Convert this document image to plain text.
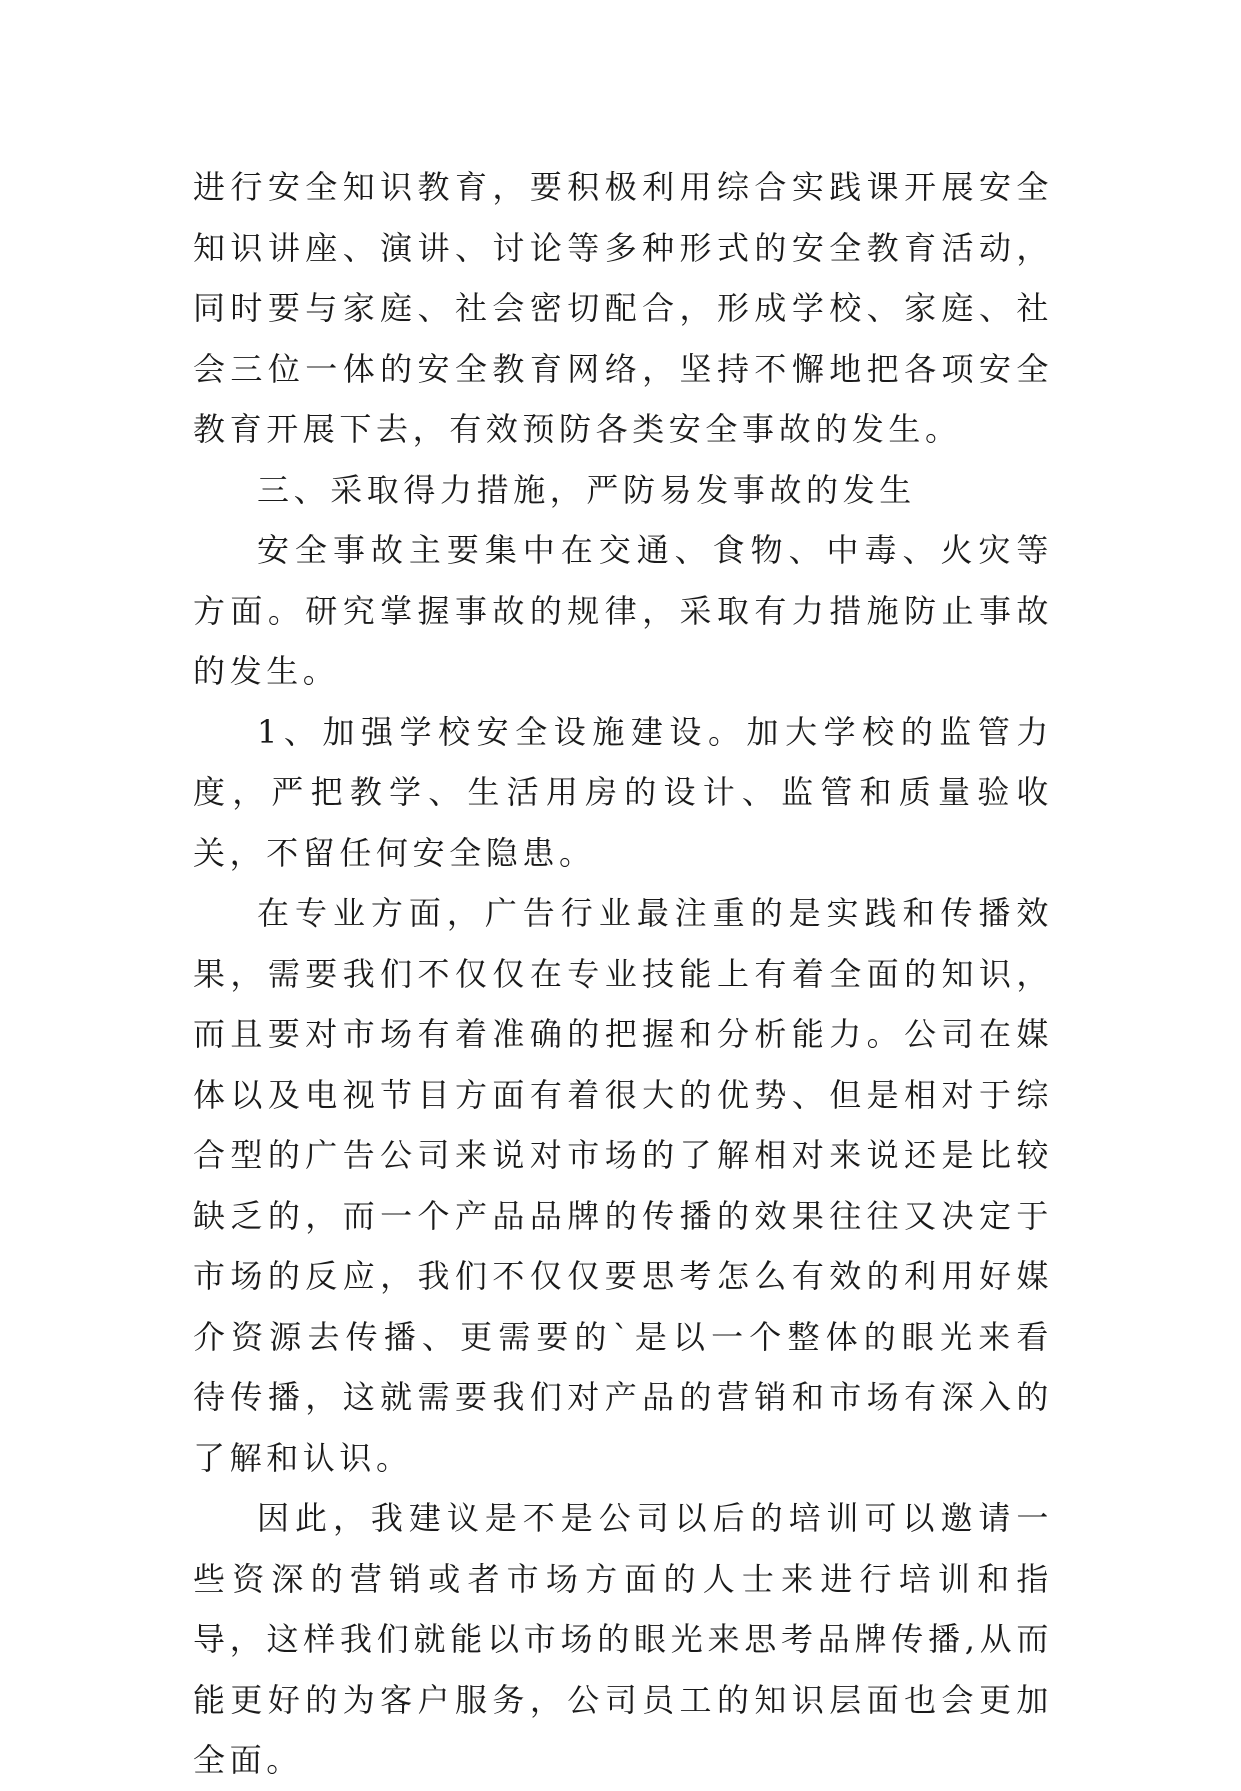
进行安全知识教育，要积极利用综合实践课开展安全知识讲座、演讲、讨论等多种形式的安全教育活动，同时要与家庭、社会密切配合，形成学校、家庭、社会三位一体的安全教育网络，坚持不懈地把各项安全教育开展下去，有效预防各类安全事故的发生。

三、采取得力措施，严防易发事故的发生

安全事故主要集中在交通、食物、中毒、火灾等方面。研究掌握事故的规律，采取有力措施防止事故的发生。

1、加强学校安全设施建设。加大学校的监管力度，严把教学、生活用房的设计、监管和质量验收关，不留任何安全隐患。

在专业方面，广告行业最注重的是实践和传播效果，需要我们不仅仅在专业技能上有着全面的知识，而且要对市场有着准确的把握和分析能力。公司在媒体以及电视节目方面有着很大的优势、但是相对于综合型的广告公司来说对市场的了解相对来说还是比较缺乏的，而一个产品品牌的传播的效果往往又决定于市场的反应，我们不仅仅要思考怎么有效的利用好媒介资源去传播、更需要的`是以一个整体的眼光来看待传播，这就需要我们对产品的营销和市场有深入的了解和认识。

因此，我建议是不是公司以后的培训可以邀请一些资深的营销或者市场方面的人士来进行培训和指导，这样我们就能以市场的眼光来思考品牌传播,从而能更好的为客户服务，公司员工的知识层面也会更加全面。
